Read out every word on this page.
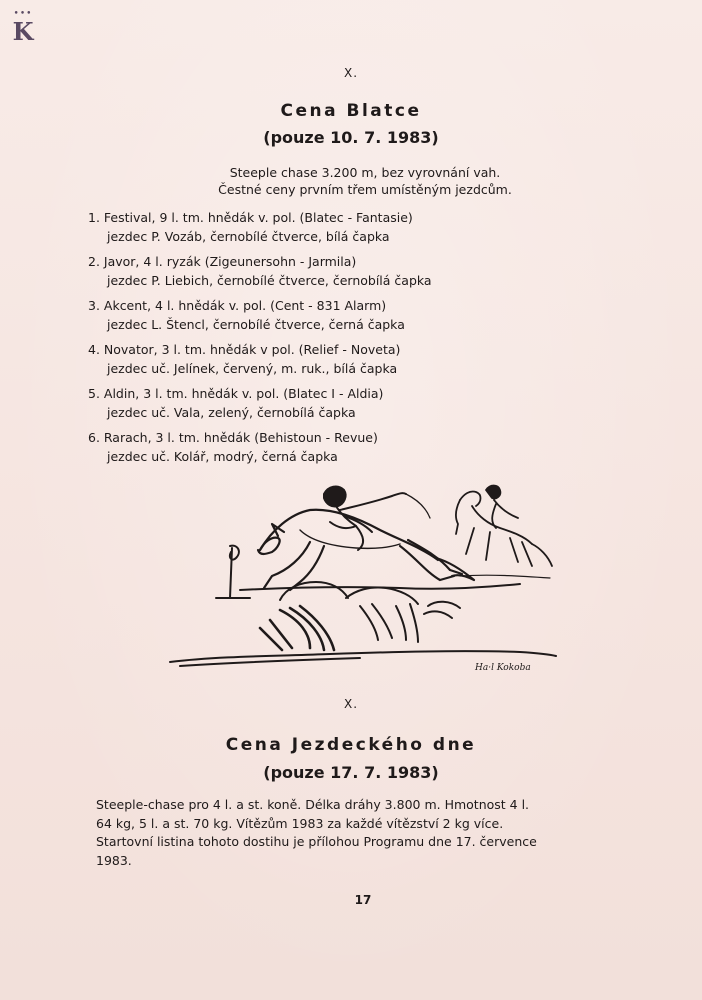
•••
K
X.
Cena Blatce
(pouze 10. 7. 1983)
Steeple chase 3.200 m, bez vyrovnání vah.
Čestné ceny prvním třem umístěným jezdcům.
1. Festival, 9 l. tm. hnědák v. pol. (Blatec - Fantasie)
jezdec P. Vozáb, černobílé čtverce, bílá čapka
2. Javor, 4 l. ryzák (Zigeunersohn - Jarmila)
jezdec P. Liebich, černobílé čtverce, černobílá čapka
3. Akcent, 4 l. hnědák v. pol. (Cent - 831 Alarm)
jezdec L. Štencl, černobílé čtverce, černá čapka
4. Novator, 3 l. tm. hnědák v pol. (Relief - Noveta)
jezdec uč. Jelínek, červený, m. ruk., bílá čapka
5. Aldin, 3 l. tm. hnědák v. pol. (Blatec I - Aldia)
jezdec uč. Vala, zelený, černobílá čapka
6. Rarach, 3 l. tm. hnědák (Behistoun - Revue)
jezdec uč. Kolář, modrý, černá čapka
Ha·l Kokoba
X.
Cena Jezdeckého dne
(pouze 17. 7. 1983)
Steeple-chase pro 4 l. a st. koně. Délka dráhy 3.800 m. Hmotnost 4 l.
64 kg, 5 l. a st. 70 kg. Vítězům 1983 za každé vítězství 2 kg více.
Startovní listina tohoto dostihu je přílohou Programu dne 17. července
1983.
17
